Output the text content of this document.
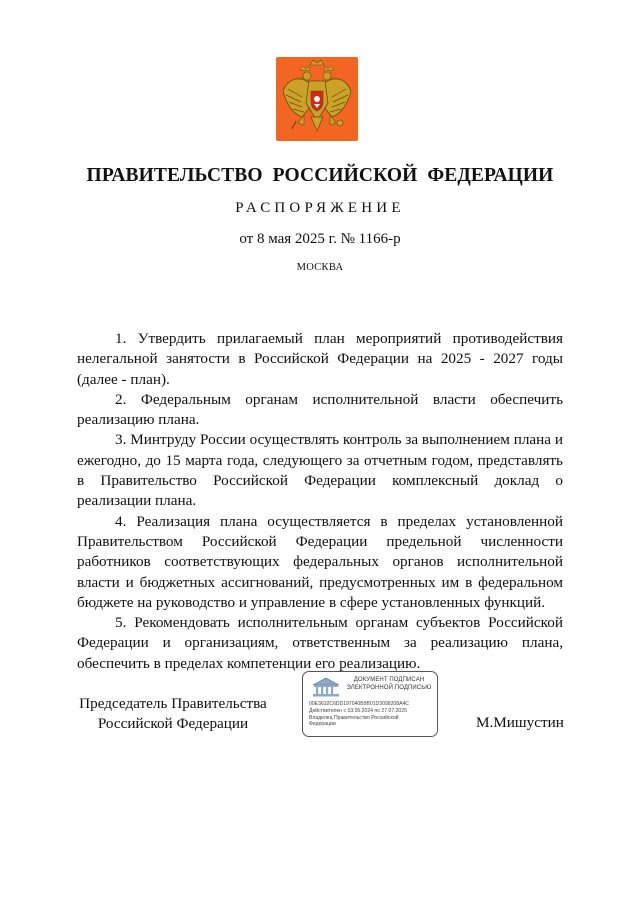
ПРАВИТЕЛЬСТВО РОССИЙСКОЙ ФЕДЕРАЦИИ
РАСПОРЯЖЕНИЕ
от 8 мая 2025 г. № 1166-р
МОСКВА

1. Утвердить прилагаемый план мероприятий противодействия нелегальной занятости в Российской Федерации на 2025 - 2027 годы (далее - план).

2. Федеральным органам исполнительной власти обеспечить реализацию плана.

3. Минтруду России осуществлять контроль за выполнением плана и ежегодно, до 15 марта года, следующего за отчетным годом, представлять в Правительство Российской Федерации комплексный доклад о реализации плана.

4. Реализация плана осуществляется в пределах установленной Правительством Российской Федерации предельной численности работников соответствующих федеральных органов исполнительной власти и бюджетных ассигнований, предусмотренных им в федеральном бюджете на руководство и управление в сфере установленных функций.

5. Рекомендовать исполнительным органам субъектов Российской Федерации и организациям, ответственным за реализацию плана, обеспечить в пределах компетенции его реализацию.

Председатель Правительства
Российской Федерации
ДОКУМЕНТ ПОДПИСАН
ЭЛЕКТРОННОЙ ПОДПИСЬЮ
00E3632C6DD197040B9B01D3098208A4C
Действителен с 03.05.2024 по 27.07.2025
Владелец Правительство Российской
Федерации	М.Мишустин
